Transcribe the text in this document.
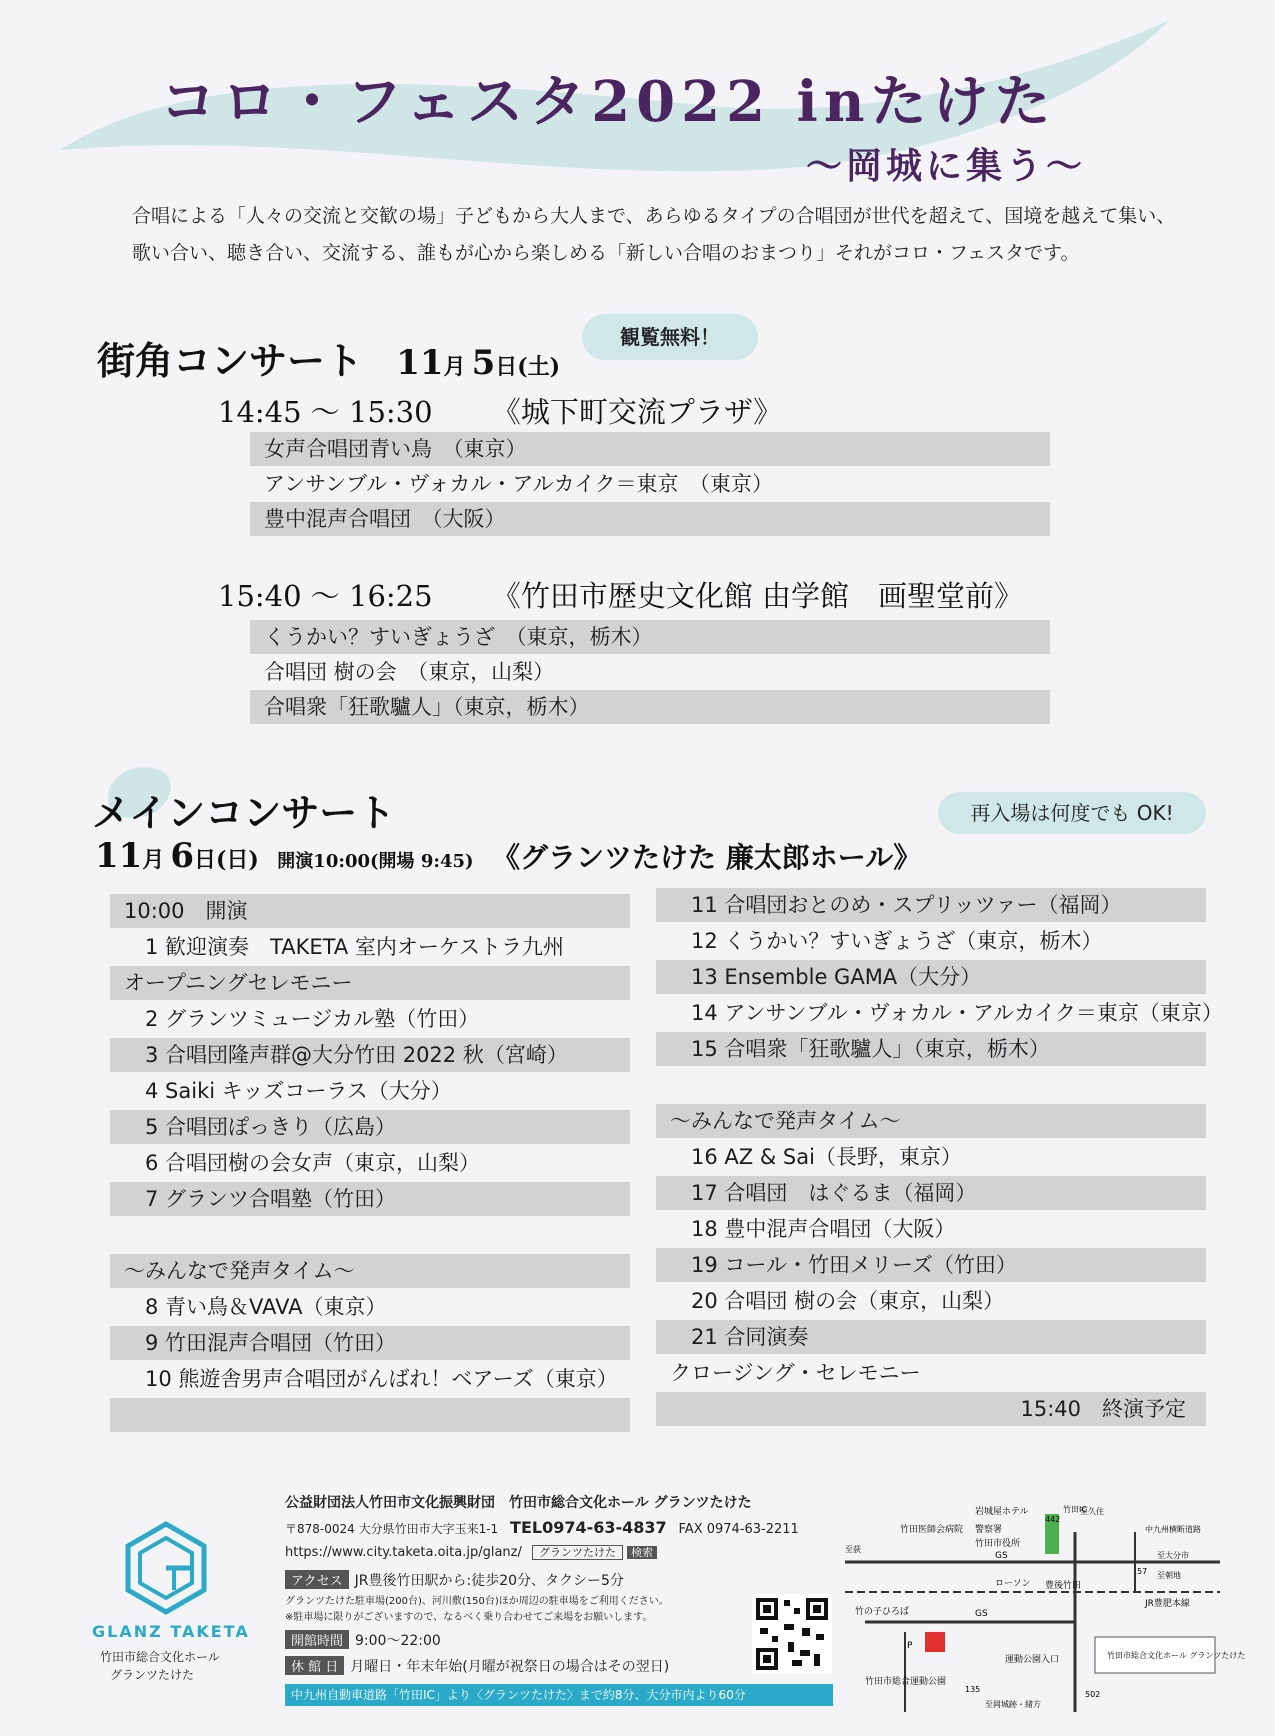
コロ・フェスタ2022 inたけた
〜岡城に集う〜
合唱による「人々の交流と交歓の場」子どもから大人まで、あらゆるタイプの合唱団が世代を超えて、国境を越えて集い、歌い合い、聴き合い、交流する、誰もが心から楽しめる「新しい合唱のおまつり」それがコロ・フェスタです。
街角コンサート 11月 5日(土)
観覧無料！
14:45 〜 15:30 《城下町交流プラザ》
女声合唱団青い鳥　（東京）
アンサンブル・ヴォカル・アルカイク＝東京　（東京）
豊中混声合唱団　（大阪）
15:40 〜 16:25 《竹田市歴史文化館 由学館　画聖堂前》
くうかい？すいぎょうざ　（東京，栃木）
合唱団 樹の会　（東京，山梨）
合唱衆「狂歌驢人」（東京，栃木）
メインコンサート	再入場は何度でも OK!
11月 6日(日) 開演10:00(開場 9:45) 《グランツたけた 廉太郎ホール》
10:00　開演
　1 歓迎演奏　TAKETA 室内オーケストラ九州
オープニングセレモニー
　2 グランツミュージカル塾（竹田）
　3 合唱団隆声群@大分竹田 2022 秋（宮崎）
　4 Saiki キッズコーラス（大分）
　5 合唱団ぽっきり（広島）
　6 合唱団樹の会女声（東京，山梨）
　7 グランツ合唱塾（竹田）
〜みんなで発声タイム〜
　8 青い鳥＆VAVA（東京）
　9 竹田混声合唱団（竹田）
　10 熊遊舎男声合唱団がんばれ！ベアーズ（東京）
　11 合唱団おとのめ・スプリッツァー（福岡）
　12 くうかい？すいぎょうざ（東京，栃木）
　13 Ensemble GAMA（大分）
　14 アンサンブル・ヴォカル・アルカイク＝東京（東京）
　15 合唱衆「狂歌驢人」（東京，栃木）
〜みんなで発声タイム〜
　16 AZ & Sai（長野，東京）
　17 合唱団　はぐるま（福岡）
　18 豊中混声合唱団（大阪）
　19 コール・竹田メリーズ（竹田）
　20 合唱団 樹の会（東京，山梨）
　21 合同演奏
クロージング・セレモニー
15:40　終演予定
GLANZ TAKETA
竹田市総合文化ホール
グランツたけた
公益財団法人竹田市文化振興財団　竹田市総合文化ホール グランツたけた
〒878-0024 大分県竹田市大字玉来1-1 TEL0974-63-4837 FAX 0974-63-2211
https://www.city.taketa.oita.jp/glanz/ グランツたけた 検索
アクセス JR豊後竹田駅から:徒歩20分、タクシー5分
グランツたけた駐車場(200台)、河川敷(150台)ほか周辺の駐車場をご利用ください。
※駐車場に限りがございますので、なるべく乗り合わせてご来場をお願いします。
開館時間 9:00〜22:00
休 館 日 月曜日・年末年始(月曜が祝祭日の場合はその翌日)
中九州自動車道路「竹田IC」より〈グランツたけた〉まで約8分、大分市内より60分
竹田医師会病院 警察署
竹田市役所
岩城屋ホテル
GS
ローソン 豊後竹田
JR豊肥本線
竹の子ひろば
P
GS
運動公園入口
竹田市総合運動公園
至大分市
至朝地
至久住
至荻
至岡城跡・緒方
中九州横断道路
竹田IC
竹田市総合文化ホール グランツたけた
57
442
502
135
